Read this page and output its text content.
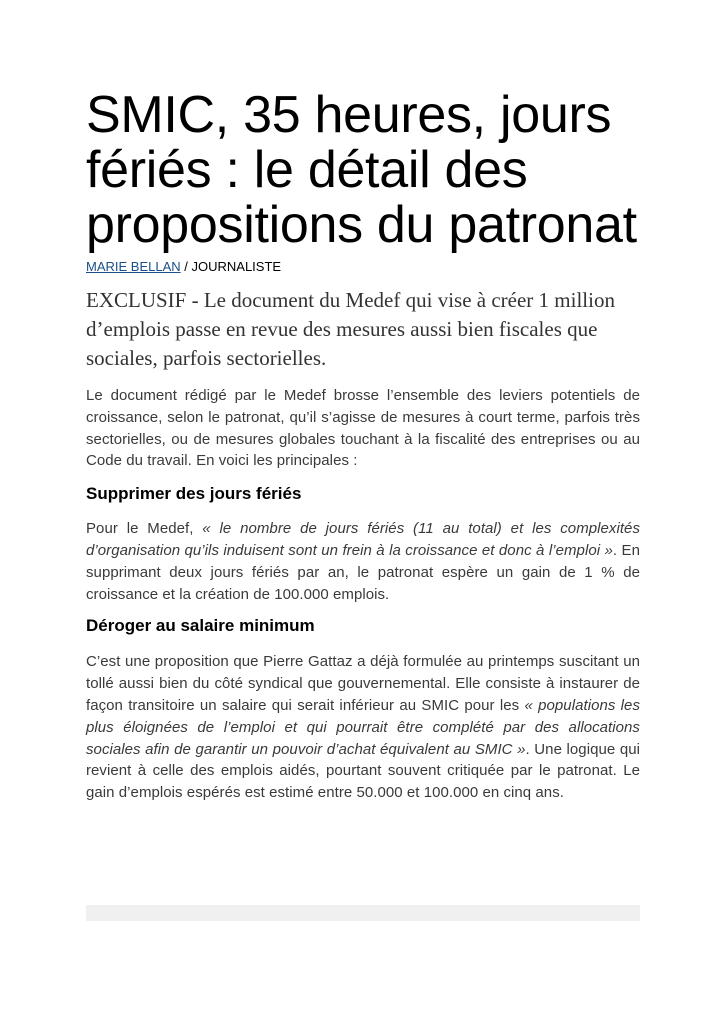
SMIC, 35 heures, jours fériés : le détail des propositions du patronat
MARIE BELLAN / JOURNALISTE
EXCLUSIF - Le document du Medef qui vise à créer 1 million d’emplois passe en revue des mesures aussi bien fiscales que sociales, parfois sectorielles.

Le document rédigé par le Medef brosse l’ensemble des leviers potentiels de croissance, selon le patronat, qu’il s’agisse de mesures à court terme, parfois très sectorielles, ou de mesures globales touchant à la fiscalité des entreprises ou au Code du travail. En voici les principales :

Supprimer des jours fériés

Pour le Medef, « le nombre de jours fériés (11 au total) et les complexités d’organisation qu’ils induisent sont un frein à la croissance et donc à l’emploi ». En supprimant deux jours fériés par an, le patronat espère un gain de 1 % de croissance et la création de 100.000 emplois.

Déroger au salaire minimum

C’est une proposition que Pierre Gattaz a déjà formulée au printemps suscitant un tollé aussi bien du côté syndical que gouvernemental. Elle consiste à instaurer de façon transitoire un salaire qui serait inférieur au SMIC pour les « populations les plus éloignées de l’emploi et qui pourrait être complété par des allocations sociales afin de garantir un pouvoir d’achat équivalent au SMIC ». Une logique qui revient à celle des emplois aidés, pourtant souvent critiquée par le patronat. Le gain d’emplois espérés est estimé entre 50.000 et 100.000 en cinq ans.
